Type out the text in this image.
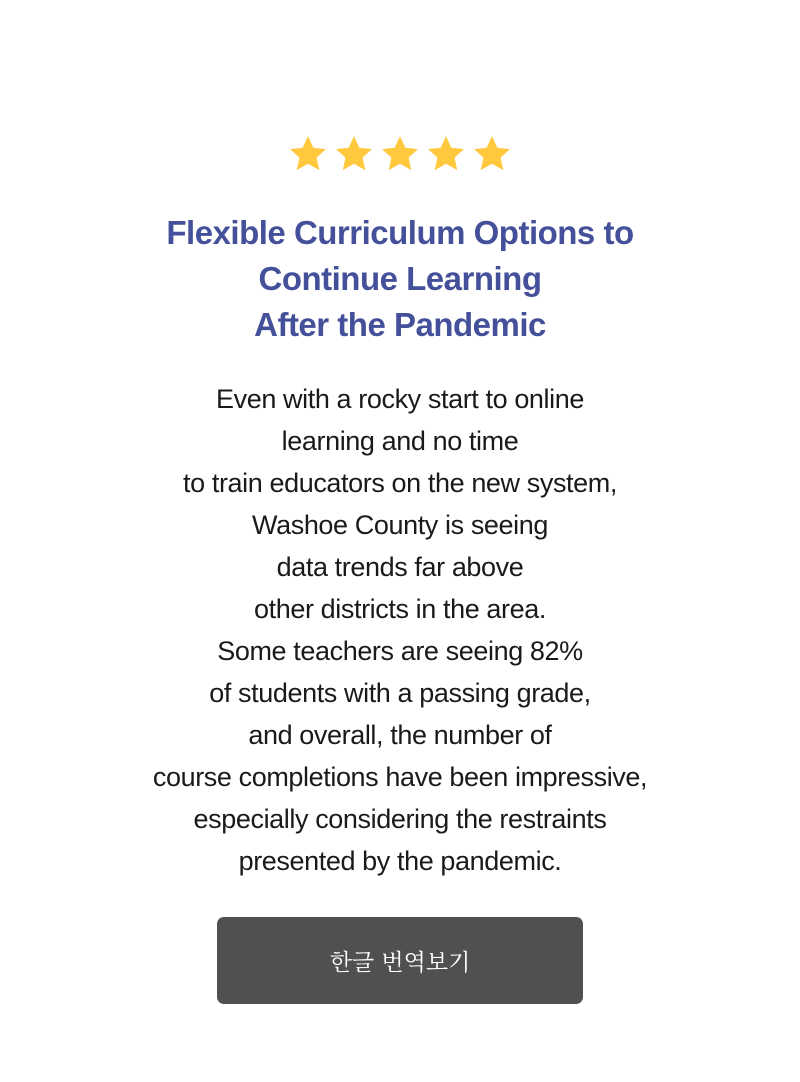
Flexible Curriculum Options to
Continue Learning
After the Pandemic

Even with a rocky start to online
learning and no time
to train educators on the new system,
Washoe County is seeing
data trends far above
other districts in the area.
Some teachers are seeing 82%
of students with a passing grade,
and overall, the number of
course completions have been impressive,
especially considering the restraints
presented by the pandemic.

한글 번역보기
